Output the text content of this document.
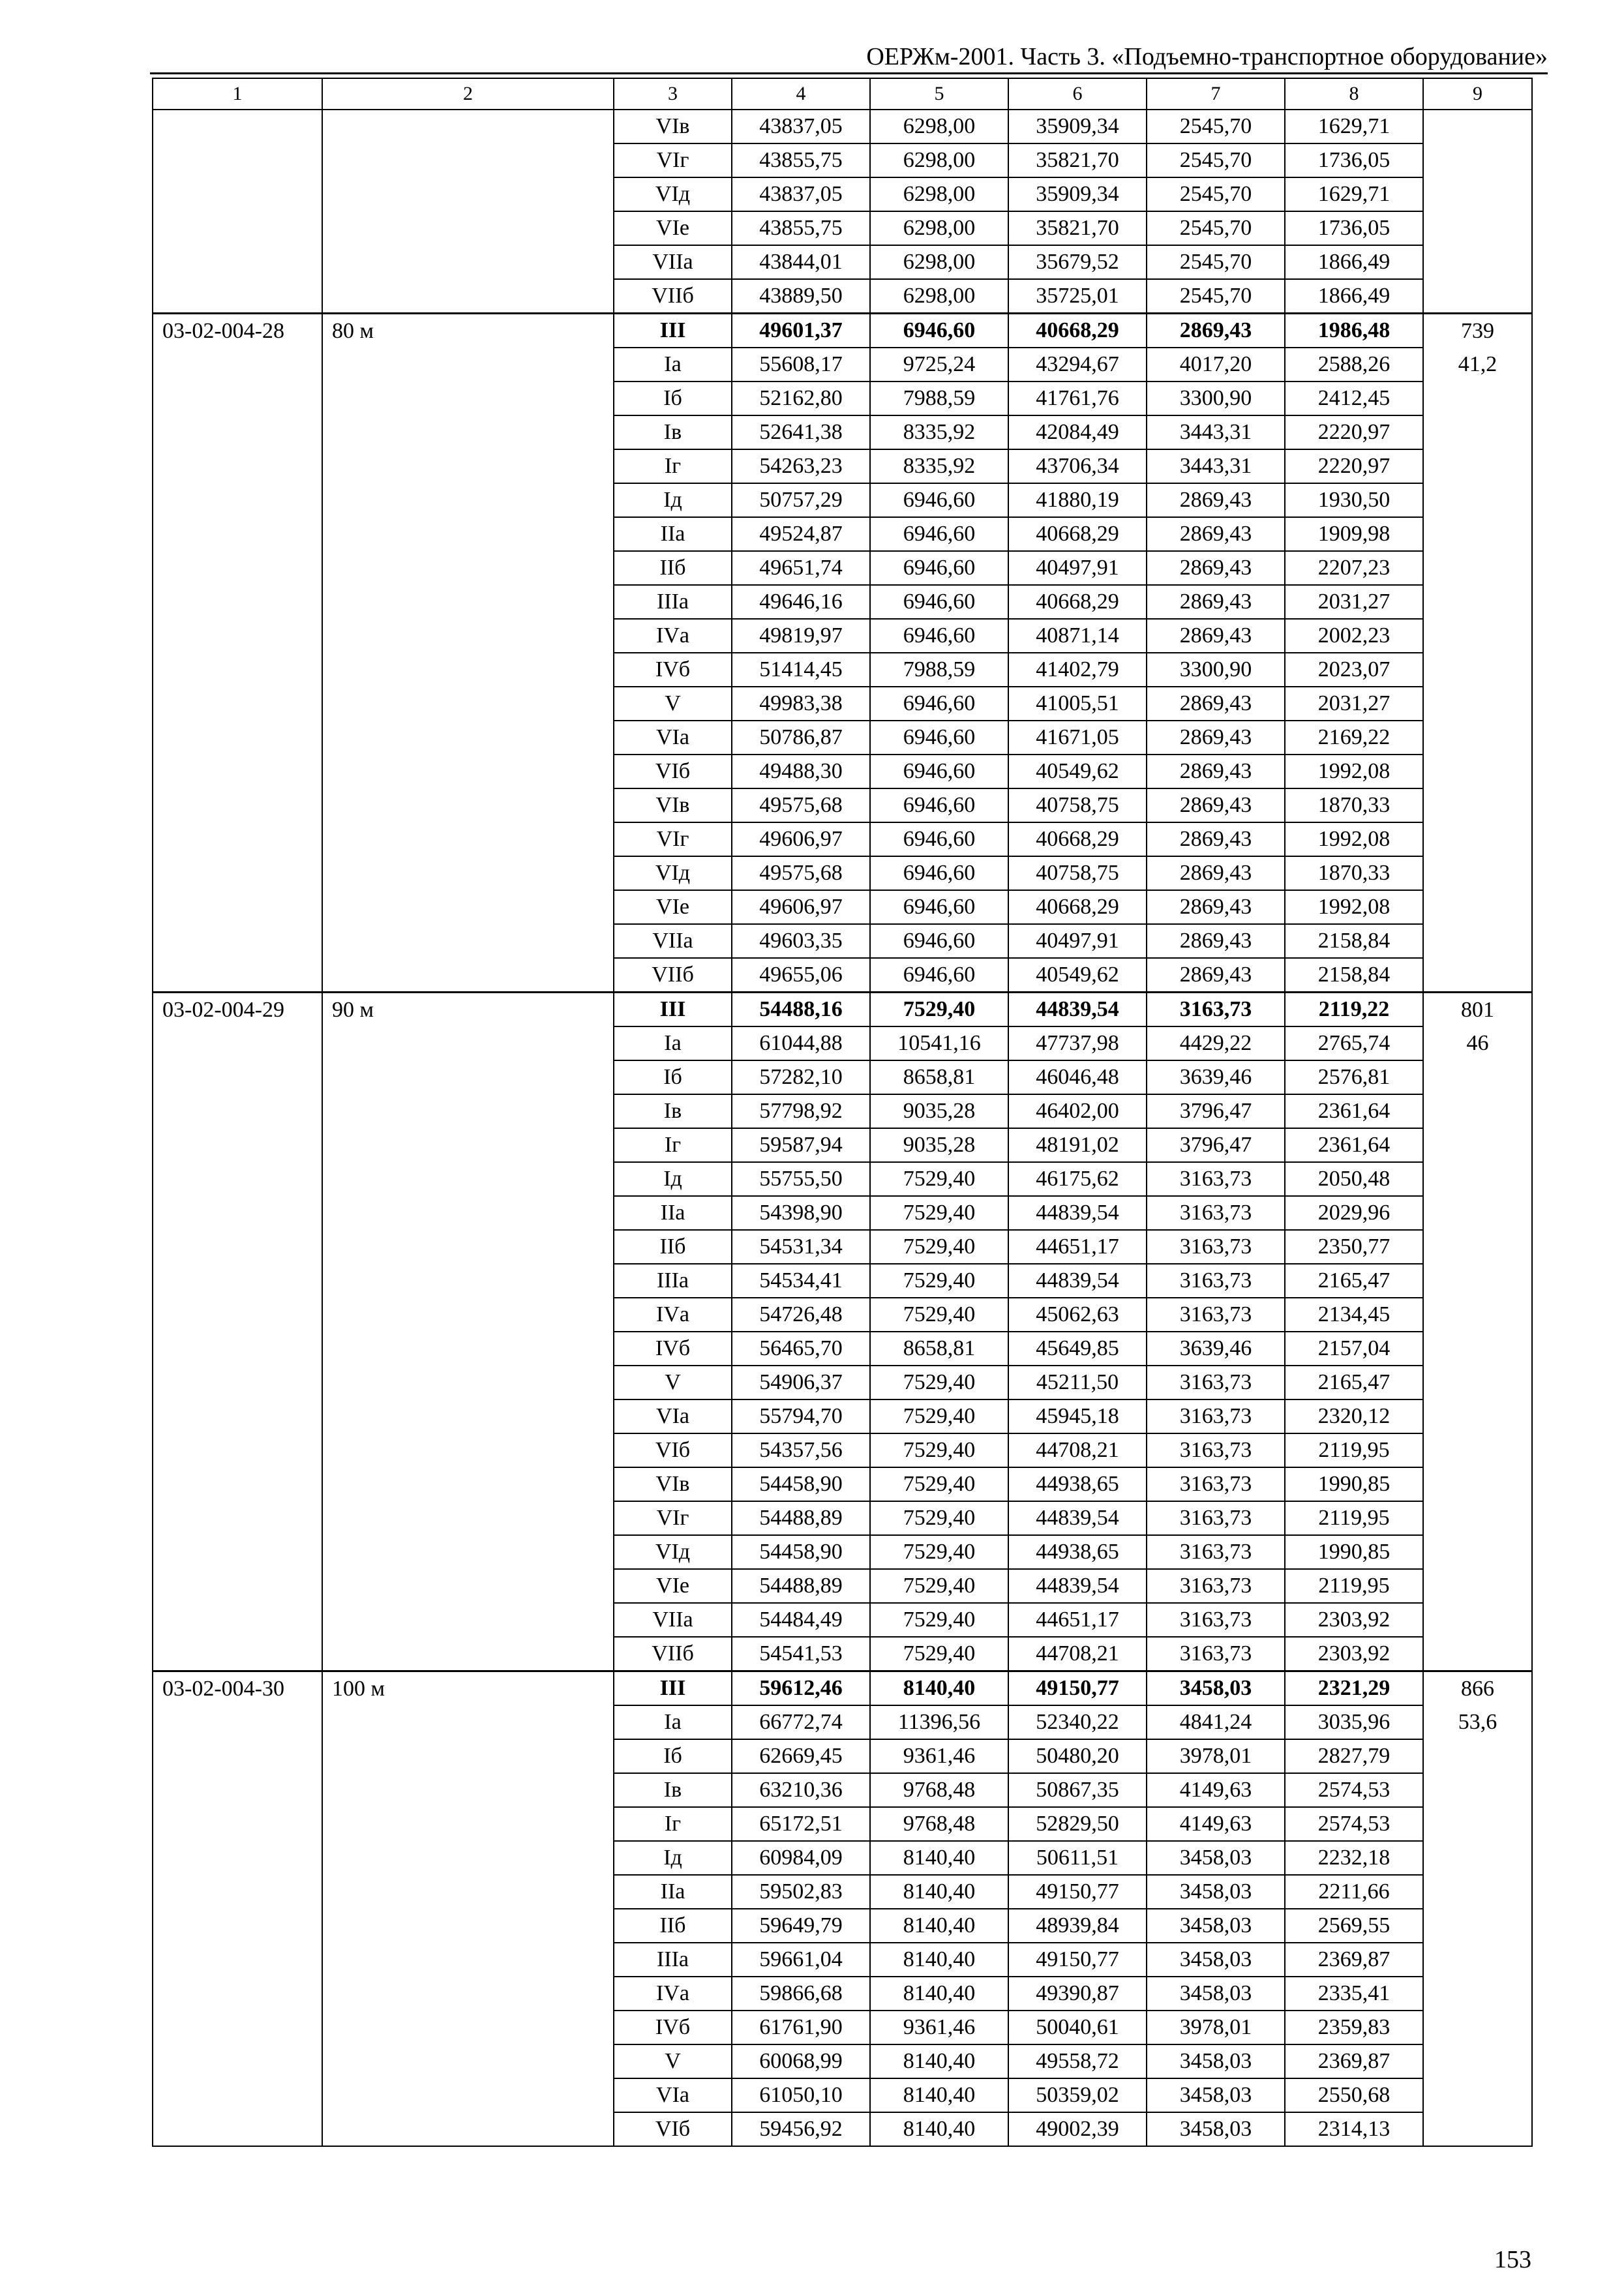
ОЕРЖм-2001. Часть 3. «Подъемно-транспортное оборудование»
1	2	3	4	5	6	7	8	9
		VIв	43837,05	6298,00	35909,34	2545,70	1629,71	
		VIг	43855,75	6298,00	35821,70	2545,70	1736,05	
		VIд	43837,05	6298,00	35909,34	2545,70	1629,71	
		VIе	43855,75	6298,00	35821,70	2545,70	1736,05	
		VIIа	43844,01	6298,00	35679,52	2545,70	1866,49	
		VIIб	43889,50	6298,00	35725,01	2545,70	1866,49	
03-02-004-28	80 м	III	49601,37	6946,60	40668,29	2869,43	1986,48	739
		Iа	55608,17	9725,24	43294,67	4017,20	2588,26	41,2
		Iб	52162,80	7988,59	41761,76	3300,90	2412,45	
		Iв	52641,38	8335,92	42084,49	3443,31	2220,97	
		Iг	54263,23	8335,92	43706,34	3443,31	2220,97	
		Iд	50757,29	6946,60	41880,19	2869,43	1930,50	
		IIа	49524,87	6946,60	40668,29	2869,43	1909,98	
		IIб	49651,74	6946,60	40497,91	2869,43	2207,23	
		IIIа	49646,16	6946,60	40668,29	2869,43	2031,27	
		IVа	49819,97	6946,60	40871,14	2869,43	2002,23	
		IVб	51414,45	7988,59	41402,79	3300,90	2023,07	
		V	49983,38	6946,60	41005,51	2869,43	2031,27	
		VIа	50786,87	6946,60	41671,05	2869,43	2169,22	
		VIб	49488,30	6946,60	40549,62	2869,43	1992,08	
		VIв	49575,68	6946,60	40758,75	2869,43	1870,33	
		VIг	49606,97	6946,60	40668,29	2869,43	1992,08	
		VIд	49575,68	6946,60	40758,75	2869,43	1870,33	
		VIе	49606,97	6946,60	40668,29	2869,43	1992,08	
		VIIа	49603,35	6946,60	40497,91	2869,43	2158,84	
		VIIб	49655,06	6946,60	40549,62	2869,43	2158,84	
03-02-004-29	90 м	III	54488,16	7529,40	44839,54	3163,73	2119,22	801
		Iа	61044,88	10541,16	47737,98	4429,22	2765,74	46
		Iб	57282,10	8658,81	46046,48	3639,46	2576,81	
		Iв	57798,92	9035,28	46402,00	3796,47	2361,64	
		Iг	59587,94	9035,28	48191,02	3796,47	2361,64	
		Iд	55755,50	7529,40	46175,62	3163,73	2050,48	
		IIа	54398,90	7529,40	44839,54	3163,73	2029,96	
		IIб	54531,34	7529,40	44651,17	3163,73	2350,77	
		IIIа	54534,41	7529,40	44839,54	3163,73	2165,47	
		IVа	54726,48	7529,40	45062,63	3163,73	2134,45	
		IVб	56465,70	8658,81	45649,85	3639,46	2157,04	
		V	54906,37	7529,40	45211,50	3163,73	2165,47	
		VIа	55794,70	7529,40	45945,18	3163,73	2320,12	
		VIб	54357,56	7529,40	44708,21	3163,73	2119,95	
		VIв	54458,90	7529,40	44938,65	3163,73	1990,85	
		VIг	54488,89	7529,40	44839,54	3163,73	2119,95	
		VIд	54458,90	7529,40	44938,65	3163,73	1990,85	
		VIе	54488,89	7529,40	44839,54	3163,73	2119,95	
		VIIа	54484,49	7529,40	44651,17	3163,73	2303,92	
		VIIб	54541,53	7529,40	44708,21	3163,73	2303,92	
03-02-004-30	100 м	III	59612,46	8140,40	49150,77	3458,03	2321,29	866
		Iа	66772,74	11396,56	52340,22	4841,24	3035,96	53,6
		Iб	62669,45	9361,46	50480,20	3978,01	2827,79	
		Iв	63210,36	9768,48	50867,35	4149,63	2574,53	
		Iг	65172,51	9768,48	52829,50	4149,63	2574,53	
		Iд	60984,09	8140,40	50611,51	3458,03	2232,18	
		IIа	59502,83	8140,40	49150,77	3458,03	2211,66	
		IIб	59649,79	8140,40	48939,84	3458,03	2569,55	
		IIIа	59661,04	8140,40	49150,77	3458,03	2369,87	
		IVа	59866,68	8140,40	49390,87	3458,03	2335,41	
		IVб	61761,90	9361,46	50040,61	3978,01	2359,83	
		V	60068,99	8140,40	49558,72	3458,03	2369,87	
		VIа	61050,10	8140,40	50359,02	3458,03	2550,68	
		VIб	59456,92	8140,40	49002,39	3458,03	2314,13	
153
